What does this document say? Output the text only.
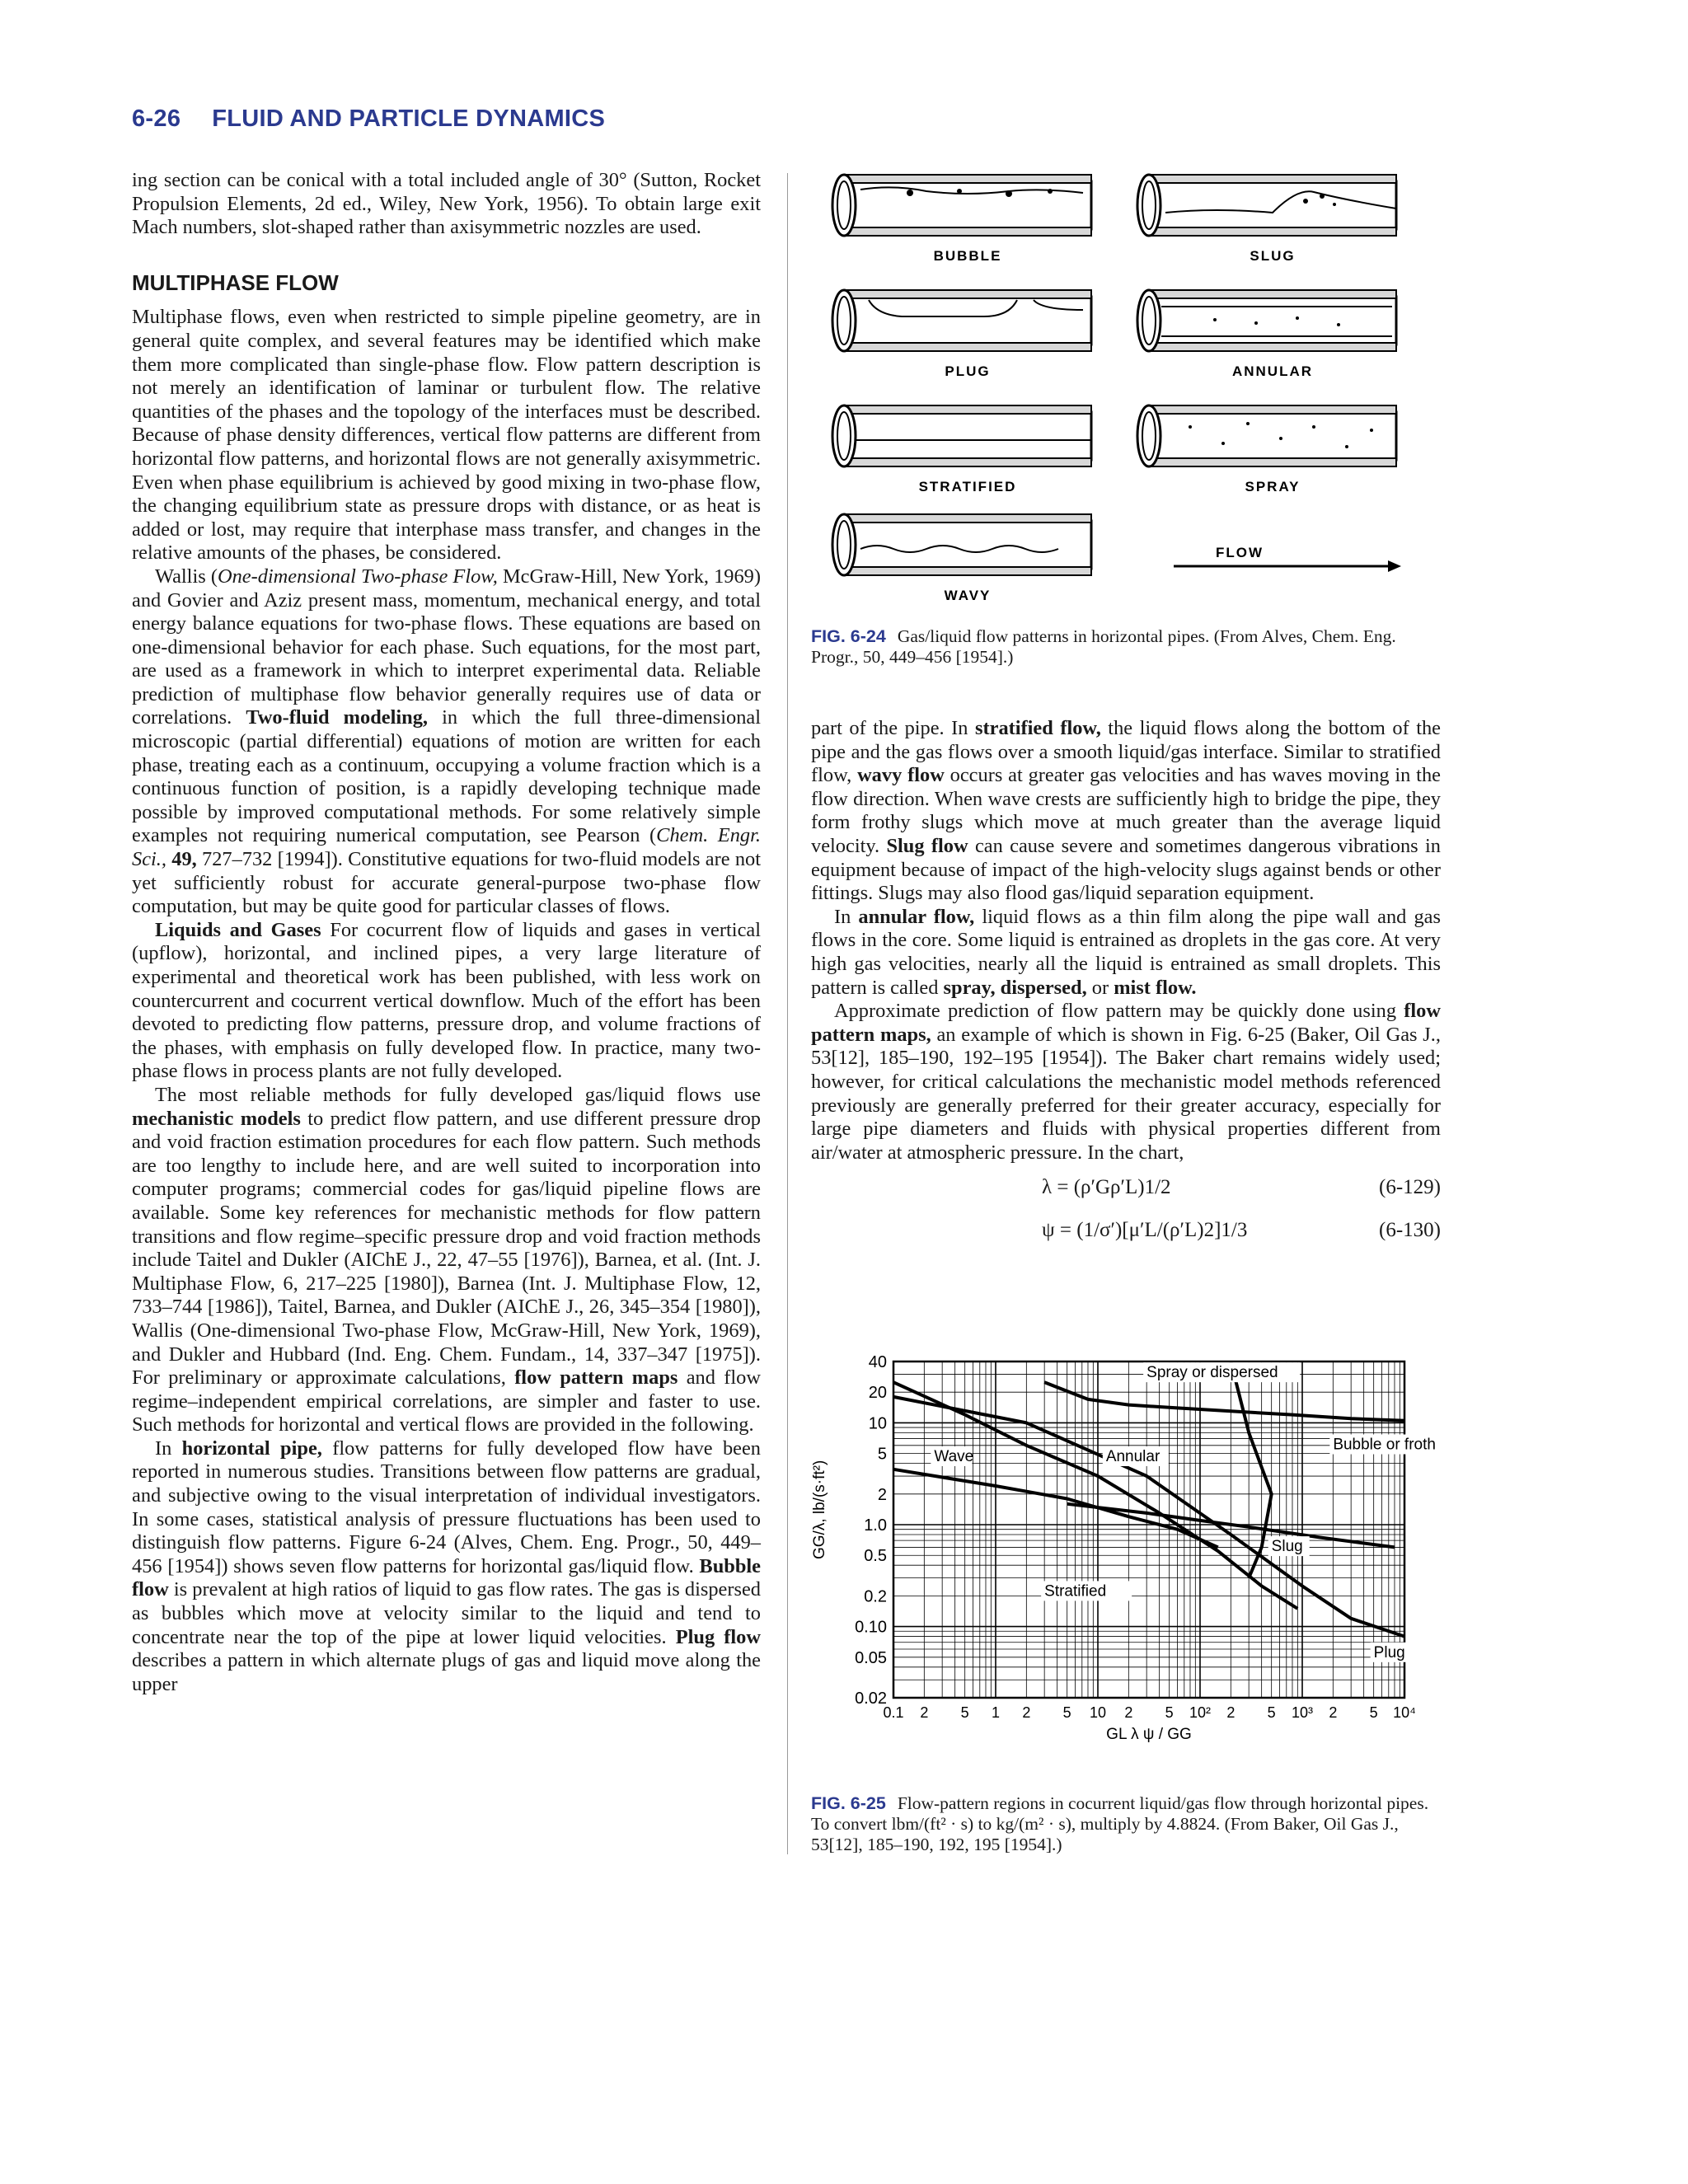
6-26 FLUID AND PARTICLE DYNAMICS

ing section can be conical with a total included angle of 30° (Sutton, Rocket Propulsion Elements, 2d ed., Wiley, New York, 1956). To obtain large exit Mach numbers, slot-shaped rather than axisymmetric nozzles are used.

MULTIPHASE FLOW

Multiphase flows, even when restricted to simple pipeline geometry, are in general quite complex, and several features may be identified which make them more complicated than single-phase flow. Flow pattern description is not merely an identification of laminar or turbulent flow. The relative quantities of the phases and the topology of the interfaces must be described. Because of phase density differences, vertical flow patterns are different from horizontal flow patterns, and horizontal flows are not generally axisymmetric. Even when phase equilibrium is achieved by good mixing in two-phase flow, the changing equilibrium state as pressure drops with distance, or as heat is added or lost, may require that interphase mass transfer, and changes in the relative amounts of the phases, be considered.

Wallis (One-dimensional Two-phase Flow, McGraw-Hill, New York, 1969) and Govier and Aziz present mass, momentum, mechanical energy, and total energy balance equations for two-phase flows. These equations are based on one-dimensional behavior for each phase. Such equations, for the most part, are used as a framework in which to interpret experimental data. Reliable prediction of multiphase flow behavior generally requires use of data or correlations. Two-fluid modeling, in which the full three-dimensional microscopic (partial differential) equations of motion are written for each phase, treating each as a continuum, occupying a volume fraction which is a continuous function of position, is a rapidly developing technique made possible by improved computational methods. For some relatively simple examples not requiring numerical computation, see Pearson (Chem. Engr. Sci., 49, 727–732 [1994]). Constitutive equations for two-fluid models are not yet sufficiently robust for accurate general-purpose two-phase flow computation, but may be quite good for particular classes of flows.

Liquids and Gases For cocurrent flow of liquids and gases in vertical (upflow), horizontal, and inclined pipes, a very large literature of experimental and theoretical work has been published, with less work on countercurrent and cocurrent vertical downflow. Much of the effort has been devoted to predicting flow patterns, pressure drop, and volume fractions of the phases, with emphasis on fully developed flow. In practice, many two-phase flows in process plants are not fully developed.

The most reliable methods for fully developed gas/liquid flows use mechanistic models to predict flow pattern, and use different pressure drop and void fraction estimation procedures for each flow pattern. Such methods are too lengthy to include here, and are well suited to incorporation into computer programs; commercial codes for gas/liquid pipeline flows are available. Some key references for mechanistic methods for flow pattern transitions and flow regime–specific pressure drop and void fraction methods include Taitel and Dukler (AIChE J., 22, 47–55 [1976]), Barnea, et al. (Int. J. Multiphase Flow, 6, 217–225 [1980]), Barnea (Int. J. Multiphase Flow, 12, 733–744 [1986]), Taitel, Barnea, and Dukler (AIChE J., 26, 345–354 [1980]), Wallis (One-dimensional Two-phase Flow, McGraw-Hill, New York, 1969), and Dukler and Hubbard (Ind. Eng. Chem. Fundam., 14, 337–347 [1975]). For preliminary or approximate calculations, flow pattern maps and flow regime–independent empirical correlations, are simpler and faster to use. Such methods for horizontal and vertical flows are provided in the following.

In horizontal pipe, flow patterns for fully developed flow have been reported in numerous studies. Transitions between flow patterns are gradual, and subjective owing to the visual interpretation of individual investigators. In some cases, statistical analysis of pressure fluctuations has been used to distinguish flow patterns. Figure 6-24 (Alves, Chem. Eng. Progr., 50, 449–456 [1954]) shows seven flow patterns for horizontal gas/liquid flow. Bubble flow is prevalent at high ratios of liquid to gas flow rates. The gas is dispersed as bubbles which move at velocity similar to the liquid and tend to concentrate near the top of the pipe at lower liquid velocities. Plug flow describes a pattern in which alternate plugs of gas and liquid move along the upper

BUBBLE	SLUG
PLUG	ANNULAR
STRATIFIED	SPRAY
WAVY
FLOW
FIG. 6-24 Gas/liquid flow patterns in horizontal pipes. (From Alves, Chem. Eng. Progr., 50, 449–456 [1954].)

part of the pipe. In stratified flow, the liquid flows along the bottom of the pipe and the gas flows over a smooth liquid/gas interface. Similar to stratified flow, wavy flow occurs at greater gas velocities and has waves moving in the flow direction. When wave crests are sufficiently high to bridge the pipe, they form frothy slugs which move at much greater than the average liquid velocity. Slug flow can cause severe and sometimes dangerous vibrations in equipment because of impact of the high-velocity slugs against bends or other fittings. Slugs may also flood gas/liquid separation equipment.

In annular flow, liquid flows as a thin film along the pipe wall and gas flows in the core. Some liquid is entrained as droplets in the gas core. At very high gas velocities, nearly all the liquid is entrained as small droplets. This pattern is called spray, dispersed, or mist flow.

Approximate prediction of flow pattern may be quickly done using flow pattern maps, an example of which is shown in Fig. 6-25 (Baker, Oil Gas J., 53[12], 185–190, 192–195 [1954]). The Baker chart remains widely used; however, for critical calculations the mechanistic model methods referenced previously are generally preferred for their greater accuracy, especially for large pipe diameters and fluids with physical properties different from air/water at atmospheric pressure. In the chart,

λ = (ρ′Gρ′L)1/2	(6-129)
ψ = (1/σ′)[μ′L/(ρ′L)2]1/3	(6-130)
40
20
10
5
2
1.0
0.5
0.2
0.10
0.05
0.02
0.1 2 5 1 2 5 10 2 5 10² 2 5 10³ 2 5 10⁴
Spray or dispersed
Bubble or froth
Wave	Annular
Slug
Stratified
Plug
GG/λ, lb/(s·ft²)
GL λ ψ / GG
FIG. 6-25 Flow-pattern regions in cocurrent liquid/gas flow through horizontal pipes. To convert lbm/(ft² · s) to kg/(m² · s), multiply by 4.8824. (From Baker, Oil Gas J., 53[12], 185–190, 192, 195 [1954].)
